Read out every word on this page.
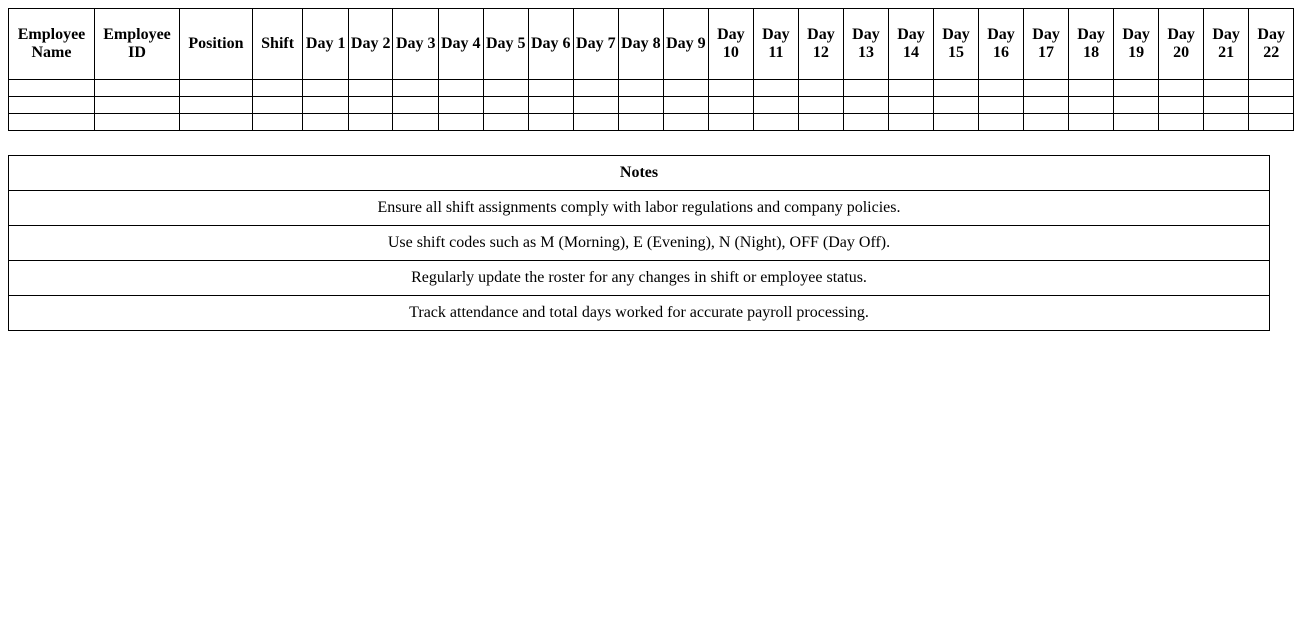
Employee Name	Employee ID	Position	Shift	Day 1	Day 2	Day 3	Day 4	Day 5	Day 6	Day 7	Day 8	Day 9	Day 10	Day 11	Day 12	Day 13	Day 14	Day 15	Day 16	Day 17	Day 18	Day 19	Day 20	Day 21	Day 22

Notes
Ensure all shift assignments comply with labor regulations and company policies.
Use shift codes such as M (Morning), E (Evening), N (Night), OFF (Day Off).
Regularly update the roster for any changes in shift or employee status.
Track attendance and total days worked for accurate payroll processing.
